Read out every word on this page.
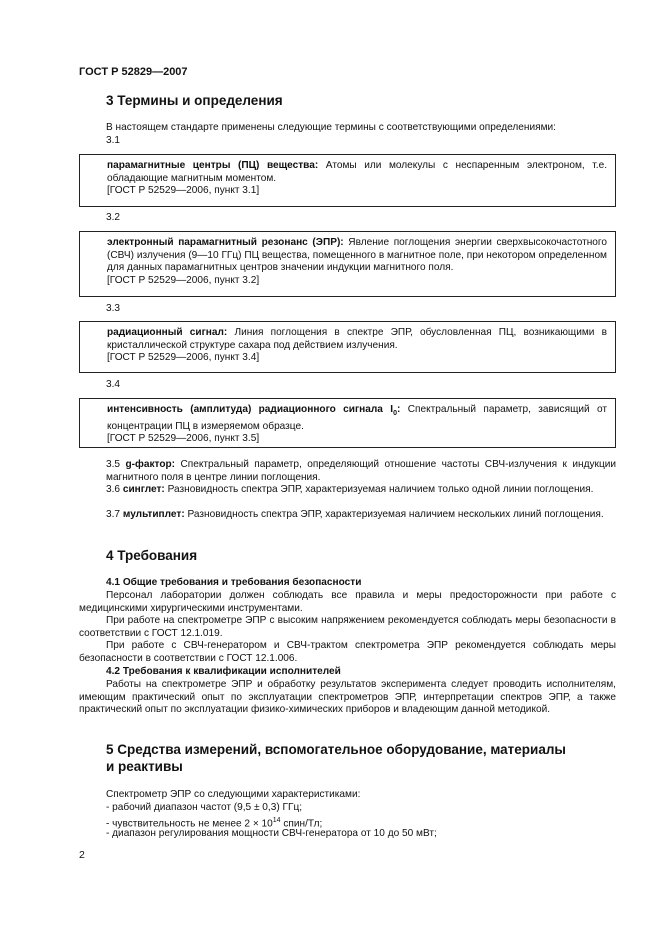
ГОСТ Р 52829—2007
3 Термины и определения
В настоящем стандарте применены следующие термины с соответствующими определениями:
3.1
парамагнитные центры (ПЦ) вещества: Атомы или молекулы с неспаренным электроном, т.е. обладающие магнитным моментом.
[ГОСТ Р 52529—2006, пункт 3.1]
3.2
электронный парамагнитный резонанс (ЭПР): Явление поглощения энергии сверхвысокочастотного (СВЧ) излучения (9—10 ГГц) ПЦ вещества, помещенного в магнитное поле, при некотором определенном для данных парамагнитных центров значении индукции магнитного поля.
[ГОСТ Р 52529—2006, пункт 3.2]
3.3
радиационный сигнал: Линия поглощения в спектре ЭПР, обусловленная ПЦ, возникающими в кристаллической структуре сахара под действием излучения.
[ГОСТ Р 52529—2006, пункт 3.4]
3.4
интенсивность (амплитуда) радиационного сигнала $I_0$: Спектральный параметр, зависящий от концентрации ПЦ в измеряемом образце.
[ГОСТ Р 52529—2006, пункт 3.5]
3.5 g-фактор: Спектральный параметр, определяющий отношение частоты СВЧ-излучения к индукции магнитного поля в центре линии поглощения.
3.6 синглет: Разновидность спектра ЭПР, характеризуемая наличием только одной линии поглощения.
3.7 мультиплет: Разновидность спектра ЭПР, характеризуемая наличием нескольких линий поглощения.
4 Требования
4.1 Общие требования и требования безопасности
Персонал лаборатории должен соблюдать все правила и меры предосторожности при работе с медицинскими хирургическими инструментами.
При работе на спектрометре ЭПР с высоким напряжением рекомендуется соблюдать меры безопасности в соответствии с ГОСТ 12.1.019.
При работе с СВЧ-генератором и СВЧ-трактом спектрометра ЭПР рекомендуется соблюдать меры безопасности в соответствии с ГОСТ 12.1.006.
4.2 Требования к квалификации исполнителей
Работы на спектрометре ЭПР и обработку результатов эксперимента следует проводить исполнителям, имеющим практический опыт по эксплуатации спектрометров ЭПР, интерпретации спектров ЭПР, а также практический опыт по эксплуатации физико-химических приборов и владеющим данной методикой.
5 Средства измерений, вспомогательное оборудование, материалы
и реактивы
Спектрометр ЭПР со следующими характеристиками:
- рабочий диапазон частот (9,5 ± 0,3) ГГц;
- чувствительность не менее $2 \times 10^{14}$ спин/Тл;
- диапазон регулирования мощности СВЧ-генератора от 10 до 50 мВт;
2
